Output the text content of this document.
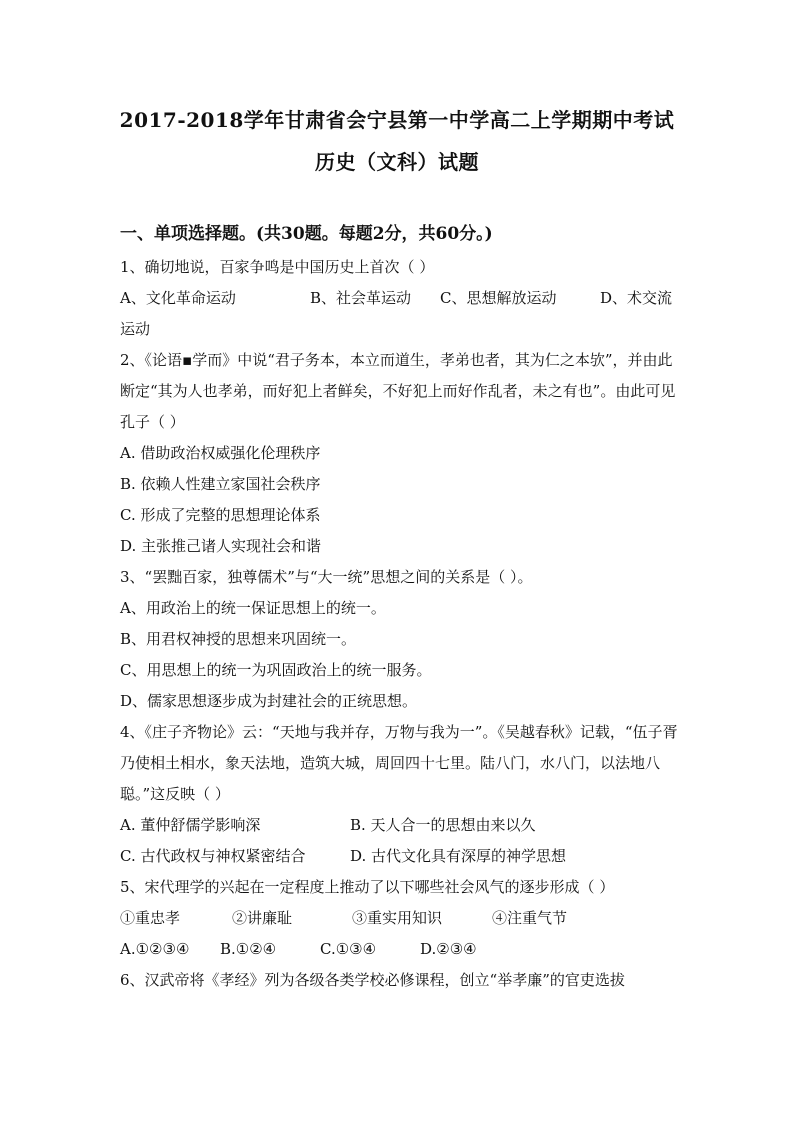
2017-2018学年甘肃省会宁县第一中学高二上学期期中考试
历史（文科）试题
一、单项选择题。(共30题。每题2分，共60分。)
1、确切地说，百家争鸣是中国历史上首次（ ）
A、文化革命运动	B、社会革运动	C、思想解放运动	D、术交流
运动
2、《论语▪学而》中说“君子务本，本立而道生，孝弟也者，其为仁之本欤”，并由此断定“其为人也孝弟，而好犯上者鲜矣，不好犯上而好作乱者，未之有也”。由此可见孔子（ ）
A. 借助政治权威强化伦理秩序
B. 依赖人性建立家国社会秩序
C. 形成了完整的思想理论体系
D. 主张推己诸人实现社会和谐
3、“罢黜百家，独尊儒术”与“大一统”思想之间的关系是（ ）。
A、用政治上的统一保证思想上的统一。
B、用君权神授的思想来巩固统一。
C、用思想上的统一为巩固政治上的统一服务。
D、儒家思想逐步成为封建社会的正统思想。
4、《庄子齐物论》云：“天地与我并存，万物与我为一”。《吴越春秋》记载，“伍子胥乃使相土相水，象天法地，造筑大城，周回四十七里。陆八门，水八门，以法地八聪。”这反映（ ）
A. 董仲舒儒学影响深	B. 天人合一的思想由来以久
C. 古代政权与神权紧密结合	D. 古代文化具有深厚的神学思想
5、宋代理学的兴起在一定程度上推动了以下哪些社会风气的逐步形成（ ）
①重忠孝	②讲廉耻	③重实用知识	④注重气节
A.①②③④	B.①②④	C.①③④	D.②③④
6、汉武帝将《孝经》列为各级各类学校必修课程，创立“举孝廉”的官吏选拔
